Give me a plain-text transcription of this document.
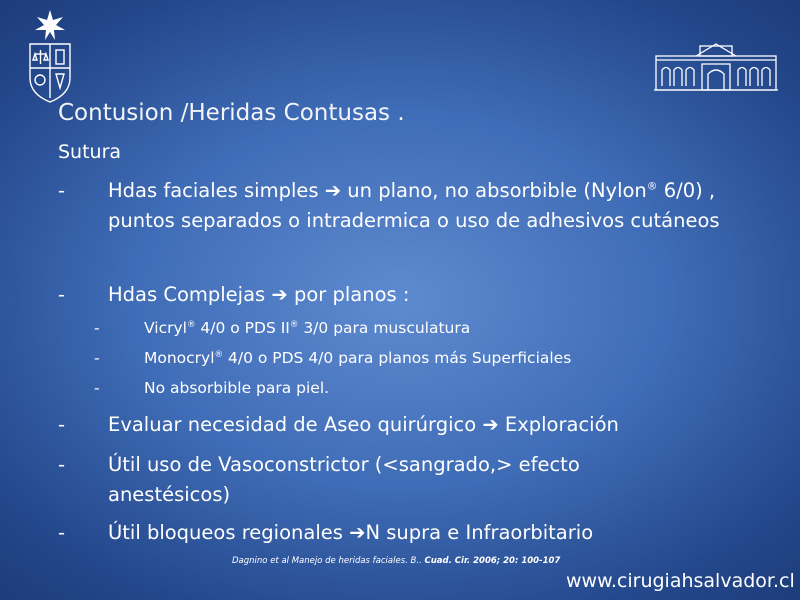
Contusion /Heridas Contusas .
Sutura
-	Hdas faciales simples ➔ un plano, no absorbible (Nylon® 6/0) , puntos separados o intradermica o uso de adhesivos cutáneos
-	Hdas Complejas ➔ por planos :
-	Vicryl® 4/0 o PDS II® 3/0 para musculatura
-	Monocryl® 4/0 o PDS 4/0 para planos más Superficiales
-	No absorbible para piel.
-	Evaluar necesidad de Aseo quirúrgico ➔ Exploración
-	Útil uso de Vasoconstrictor (<sangrado,> efecto anestésicos)
-	Útil bloqueos regionales ➔N supra e Infraorbitario
Dagnino et al Manejo de heridas faciales. B.. Cuad. Cir. 2006; 20: 100-107
www.cirugiahsalvador.cl
